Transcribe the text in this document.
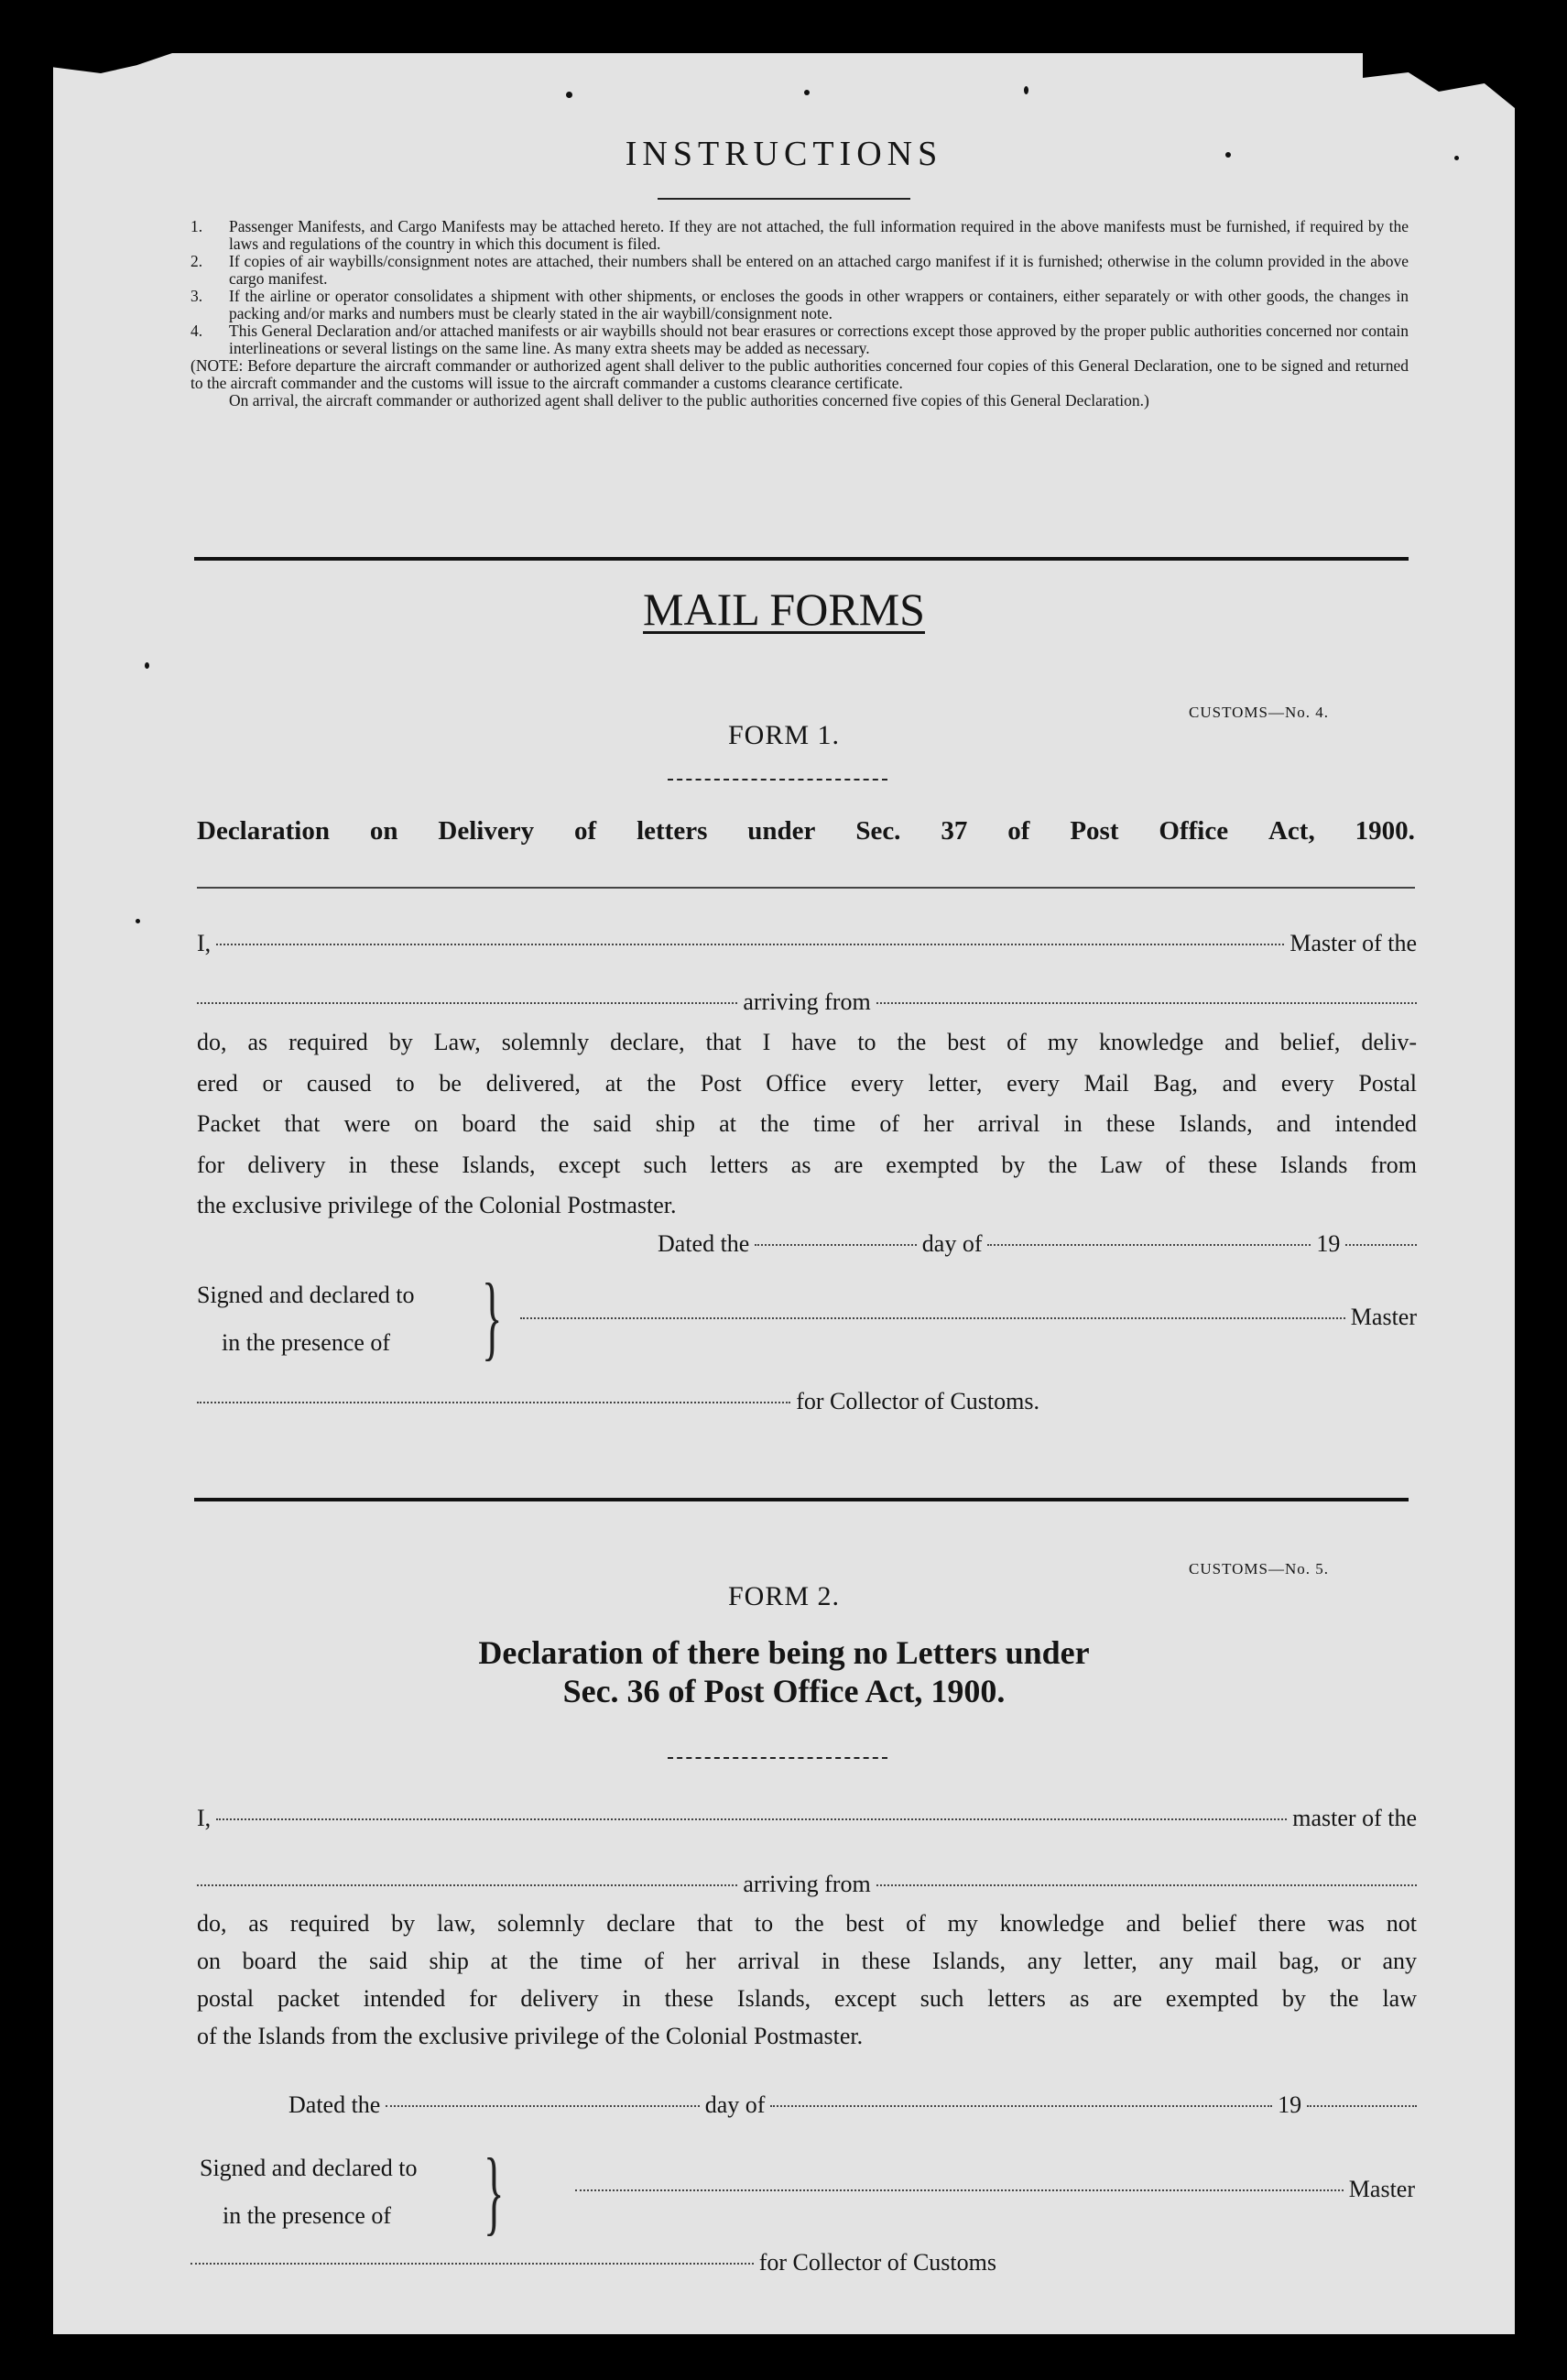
INSTRUCTIONS
1. Passenger Manifests, and Cargo Manifests may be attached hereto. If they are not attached, the full information required in the above manifests must be furnished, if required by the laws and regulations of the country in which this document is filed.
2. If copies of air waybills/consignment notes are attached, their numbers shall be entered on an attached cargo manifest if it is furnished; otherwise in the column provided in the above cargo manifest.
3. If the airline or operator consolidates a shipment with other shipments, or encloses the goods in other wrappers or containers, either separately or with other goods, the changes in packing and/or marks and numbers must be clearly stated in the air waybill/consignment note.
4. This General Declaration and/or attached manifests or air waybills should not bear erasures or corrections except those approved by the proper public authorities concerned nor contain interlineations or several listings on the same line. As many extra sheets may be added as necessary.

(NOTE: Before departure the aircraft commander or authorized agent shall deliver to the public authorities concerned four copies of this General Declaration, one to be signed and returned to the aircraft commander and the customs will issue to the aircraft commander a customs clearance certificate.

On arrival, the aircraft commander or authorized agent shall deliver to the public authorities concerned five copies of this General Declaration.)

MAIL FORMS
CUSTOMS—No. 4.
FORM 1.
Declaration on Delivery of letters under Sec. 37 of Post Office Act, 1900.
I,	Master of the
arriving from
do, as required by Law, solemnly declare, that I have to the best of my knowledge and belief, deliv-
ered or caused to be delivered, at the Post Office every letter, every Mail Bag, and every Postal
Packet that were on board the said ship at the time of her arrival in these Islands, and intended
for delivery in these Islands, except such letters as are exempted by the Law of these Islands from
the exclusive privilege of the Colonial Postmaster.
Dated the	day of	19
Signed and declared to
in the presence of }	Master
for Collector of Customs.
CUSTOMS—No. 5.
FORM 2.
Declaration of there being no Letters under
Sec. 36 of Post Office Act, 1900.
I,	master of the
arriving from
do, as required by law, solemnly declare that to the best of my knowledge and belief there was not
on board the said ship at the time of her arrival in these Islands, any letter, any mail bag, or any
postal packet intended for delivery in these Islands, except such letters as are exempted by the law
of the Islands from the exclusive privilege of the Colonial Postmaster.
Dated the	day of	19
Signed and declared to
in the presence of }	Master
for Collector of Customs
